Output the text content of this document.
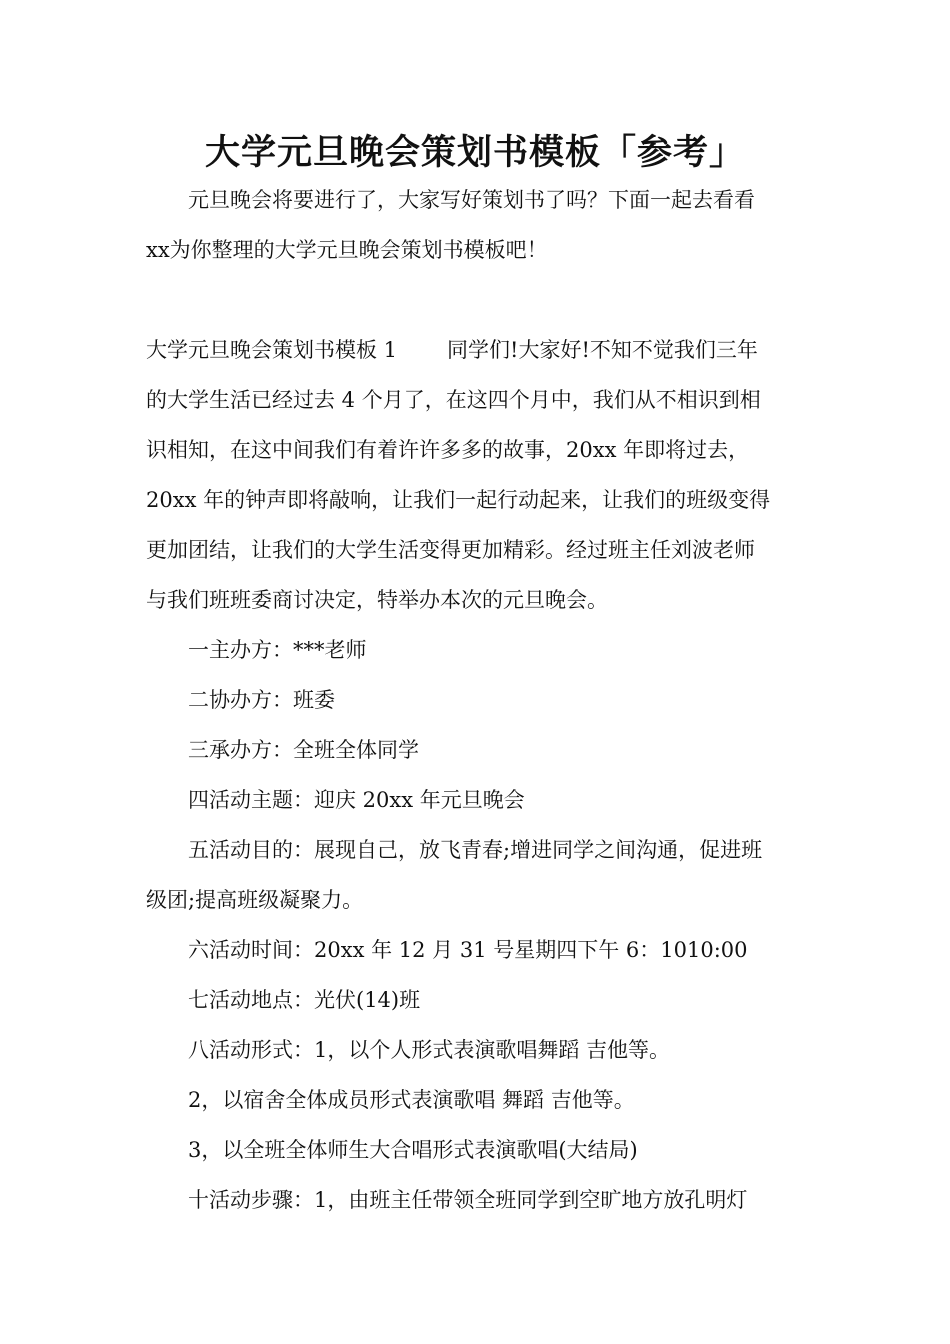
大学元旦晚会策划书模板「参考」
元旦晚会将要进行了，大家写好策划书了吗？下面一起去看看
xx为你整理的大学元旦晚会策划书模板吧！
大学元旦晚会策划书模板 1 同学们!大家好!不知不觉我们三年
的大学生活已经过去 4 个月了，在这四个月中，我们从不相识到相
识相知，在这中间我们有着许许多多的故事，20xx 年即将过去，
20xx 年的钟声即将敲响，让我们一起行动起来，让我们的班级变得
更加团结，让我们的大学生活变得更加精彩。经过班主任刘波老师
与我们班班委商讨决定，特举办本次的元旦晚会。
一主办方：***老师
二协办方：班委
三承办方：全班全体同学
四活动主题：迎庆 20xx 年元旦晚会
五活动目的：展现自己，放飞青春;增进同学之间沟通，促进班
级团;提高班级凝聚力。
六活动时间：20xx 年 12 月 31 号星期四下午 6：1010:00
七活动地点：光伏(14)班
八活动形式：1，以个人形式表演歌唱舞蹈 吉他等。
2，以宿舍全体成员形式表演歌唱 舞蹈 吉他等。
3，以全班全体师生大合唱形式表演歌唱(大结局)
十活动步骤：1，由班主任带领全班同学到空旷地方放孔明灯
